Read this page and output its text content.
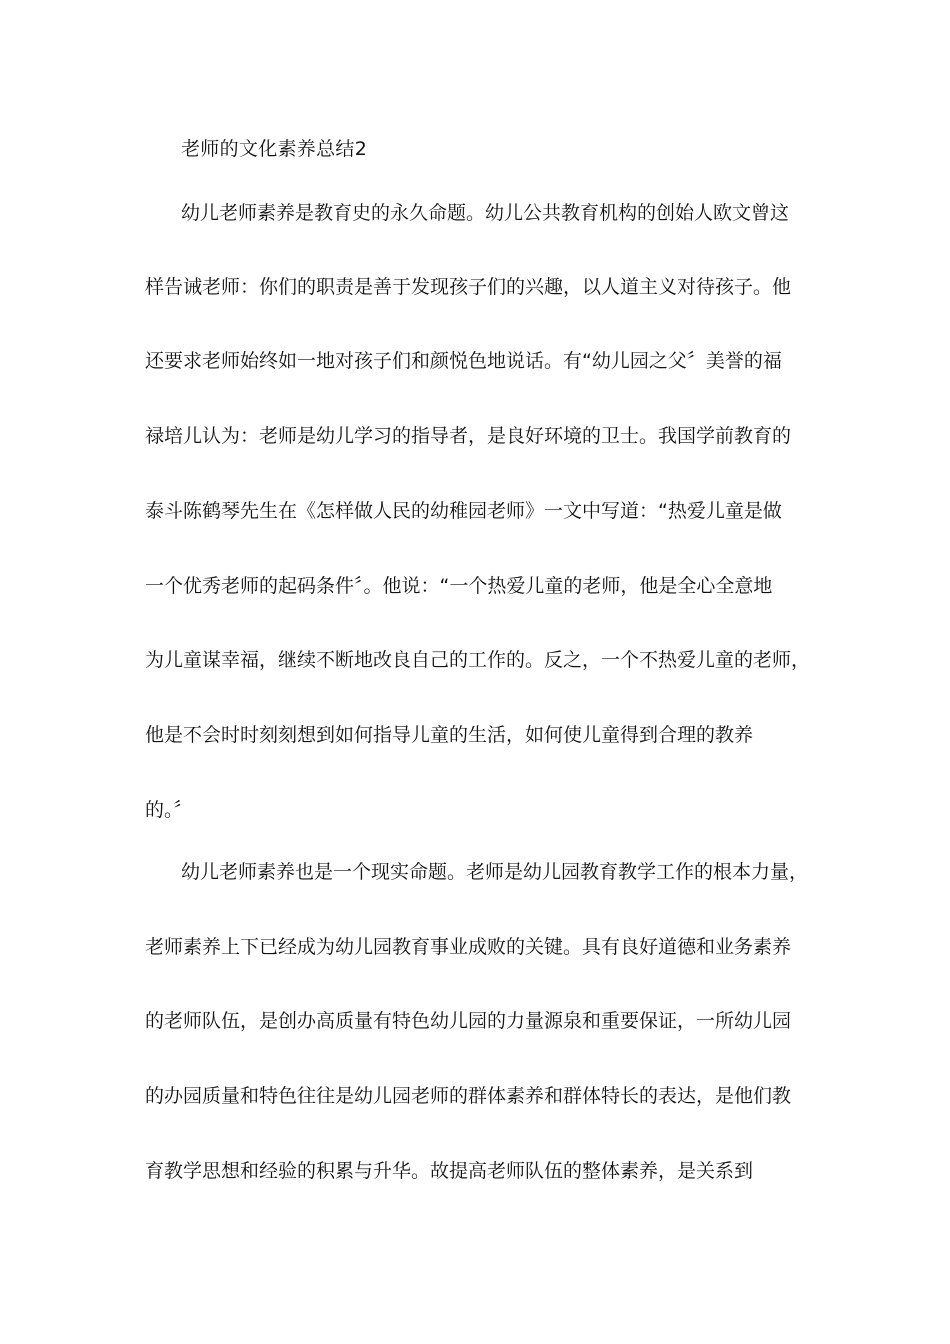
老师的文化素养总结2
幼儿老师素养是教育史的永久命题。幼儿公共教育机构的创始人欧文曾这
样告诫老师：你们的职责是善于发现孩子们的兴趣，以人道主义对待孩子。他
还要求老师始终如一地对孩子们和颜悦色地说话。有“幼儿园之父〞美誉的福
禄培儿认为：老师是幼儿学习的指导者，是良好环境的卫士。我国学前教育的
泰斗陈鹤琴先生在《怎样做人民的幼稚园老师》一文中写道：“热爱儿童是做
一个优秀老师的起码条件〞。他说：“一个热爱儿童的老师，他是全心全意地
为儿童谋幸福，继续不断地改良自己的工作的。反之，一个不热爱儿童的老师，
他是不会时时刻刻想到如何指导儿童的生活，如何使儿童得到合理的教养
的。〞
幼儿老师素养也是一个现实命题。老师是幼儿园教育教学工作的根本力量，
老师素养上下已经成为幼儿园教育事业成败的关键。具有良好道德和业务素养
的老师队伍，是创办高质量有特色幼儿园的力量源泉和重要保证，一所幼儿园
的办园质量和特色往往是幼儿园老师的群体素养和群体特长的表达，是他们教
育教学思想和经验的积累与升华。故提高老师队伍的整体素养，是关系到
